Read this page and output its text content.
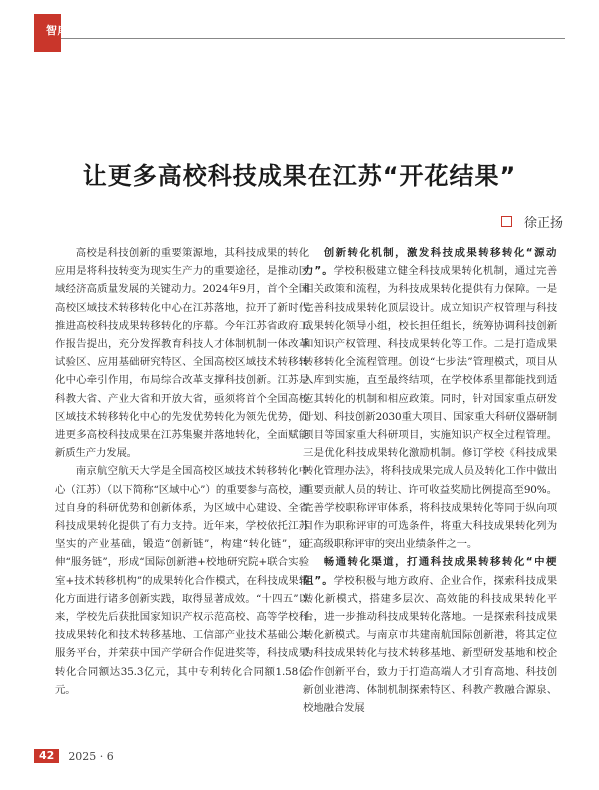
智库报告
让更多高校科技成果在江苏“开花结果”
徐正扬

高校是科技创新的重要策源地，其科技成果的转化应用是将科技转变为现实生产力的重要途径，是推动区域经济高质量发展的关键动力。2024年9月，首个全国高校区域技术转移转化中心在江苏落地，拉开了新时代推进高校科技成果转移转化的序幕。今年江苏省政府工作报告提出，充分发挥教育科技人才体制机制一体改革试验区、应用基础研究特区、全国高校区域技术转移转化中心牵引作用，布局综合改革支撑科技创新。江苏是科教大省、产业大省和开放大省，亟须将首个全国高校区域技术转移转化中心的先发优势转化为领先优势，促进更多高校科技成果在江苏集聚并落地转化，全面赋能新质生产力发展。

南京航空航天大学是全国高校区域技术转移转化中心（江苏）（以下简称“区域中心”）的重要参与高校，通过自身的科研优势和创新体系，为区域中心建设、全省科技成果转化提供了有力支持。近年来，学校依托江苏坚实的产业基础，锻造“创新链”，构建“转化链”，延伸“服务链”，形成“国际创新港+校地研究院+联合实验室+技术转移机构”的成果转化合作模式，在科技成果转化方面进行诸多创新实践，取得显著成效。“十四五”以来，学校先后获批国家知识产权示范高校、高等学校科技成果转化和技术转移基地、工信部产业技术基础公共服务平台，并荣获中国产学研合作促进奖等，科技成果转化合同额达35.3亿元，其中专利转化合同额1.58亿元。

创新转化机制，激发科技成果转移转化“源动力”。学校积极建立健全科技成果转化机制，通过完善相关政策和流程，为科技成果转化提供有力保障。一是完善科技成果转化顶层设计。成立知识产权管理与科技成果转化领导小组，校长担任组长，统筹协调科技创新和知识产权管理、科技成果转化等工作。二是打造成果转移转化全流程管理。创设“七步法”管理模式，项目从入库到实施，直至最终结项，在学校体系里都能找到适应其转化的机制和相应政策。同时，针对国家重点研发计划、科技创新2030重大项目、国家重大科研仪器研制项目等国家重大科研项目，实施知识产权全过程管理。三是优化科技成果转化激励机制。修订学校《科技成果转化管理办法》，将科技成果完成人员及转化工作中做出重要贡献人员的转让、许可收益奖励比例提高至90%。完善学校职称评审体系，将科技成果转化等同于纵向项目作为职称评审的可选条件，将重大科技成果转化列为正高级职称评审的突出业绩条件之一。

畅通转化渠道，打通科技成果转移转化“中梗阻”。学校积极与地方政府、企业合作，探索科技成果转化新模式，搭建多层次、高效能的科技成果转化平台，进一步推动科技成果转化落地。一是探索科技成果转化新模式。与南京市共建南航国际创新港，将其定位为科技成果转化与技术转移基地、新型研发基地和校企合作创新平台，致力于打造高端人才引育高地、科技创新创业港湾、体制机制探索特区、科教产教融合源泉、校地融合发展

42	2025 · 6
